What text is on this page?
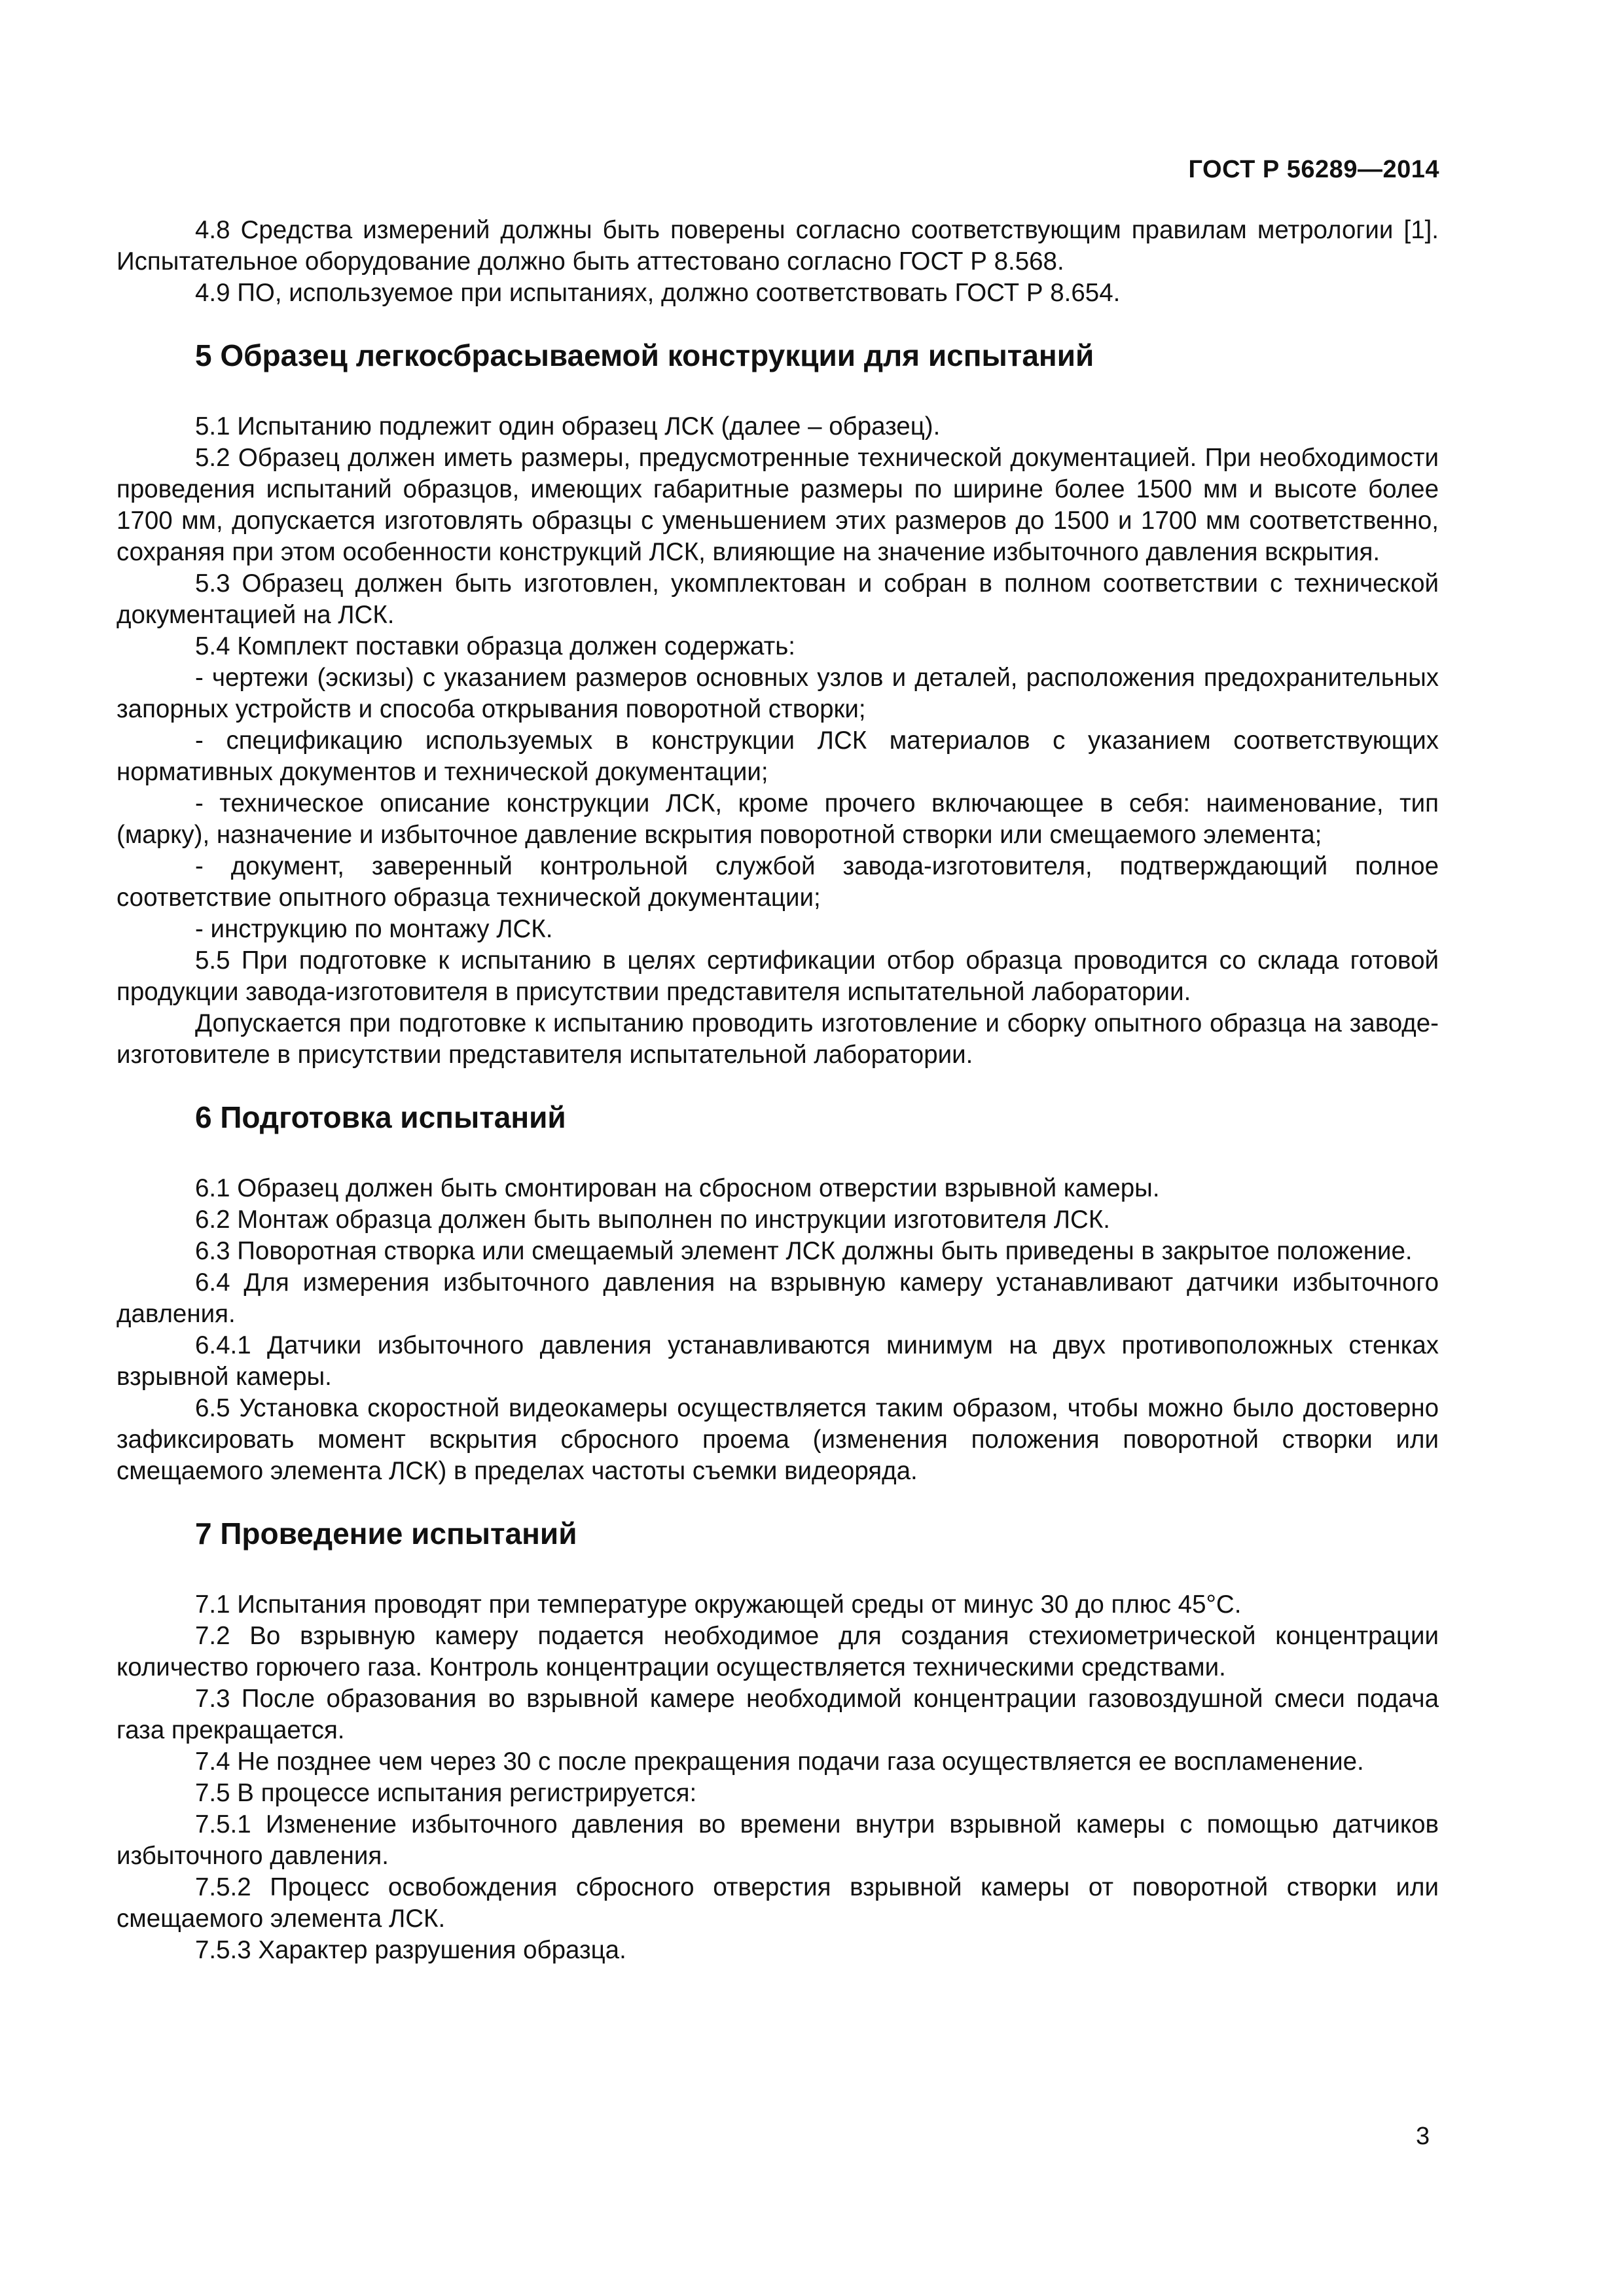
ГОСТ Р 56289—2014

4.8 Средства измерений должны быть поверены согласно соответствующим правилам метрологии [1]. Испытательное оборудование должно быть аттестовано согласно ГОСТ Р 8.568.

4.9 ПО, используемое при испытаниях, должно соответствовать ГОСТ Р 8.654.

5 Образец легкосбрасываемой конструкции для испытаний

5.1 Испытанию подлежит один образец ЛСК (далее – образец).

5.2 Образец должен иметь размеры, предусмотренные технической документацией. При необходимости проведения испытаний образцов, имеющих габаритные размеры по ширине более 1500 мм и высоте более 1700 мм, допускается изготовлять образцы с уменьшением этих размеров до 1500 и 1700 мм соответственно, сохраняя при этом особенности конструкций ЛСК, влияющие на значение избыточного давления вскрытия.

5.3 Образец должен быть изготовлен, укомплектован и собран в полном соответствии с технической документацией на ЛСК.

5.4 Комплект поставки образца должен содержать:

- чертежи (эскизы) с указанием размеров основных узлов и деталей, расположения предохранительных запорных устройств и способа открывания поворотной створки;

- спецификацию используемых в конструкции ЛСК материалов с указанием соответствующих нормативных документов и технической документации;

- техническое описание конструкции ЛСК, кроме прочего включающее в себя: наименование, тип (марку), назначение и избыточное давление вскрытия поворотной створки или смещаемого элемента;

- документ, заверенный контрольной службой завода-изготовителя, подтверждающий полное соответствие опытного образца технической документации;

- инструкцию по монтажу ЛСК.

5.5 При подготовке к испытанию в целях сертификации отбор образца проводится со склада готовой продукции завода-изготовителя в присутствии представителя испытательной лаборатории.

Допускается при подготовке к испытанию проводить изготовление и сборку опытного образца на заводе-изготовителе в присутствии представителя испытательной лаборатории.

6 Подготовка испытаний

6.1 Образец должен быть смонтирован на сбросном отверстии взрывной камеры.

6.2 Монтаж образца должен быть выполнен по инструкции изготовителя ЛСК.

6.3 Поворотная створка или смещаемый элемент ЛСК должны быть приведены в закрытое положение.

6.4 Для измерения избыточного давления на взрывную камеру устанавливают датчики избыточного давления.

6.4.1 Датчики избыточного давления устанавливаются минимум на двух противоположных стенках взрывной камеры.

6.5 Установка скоростной видеокамеры осуществляется таким образом, чтобы можно было достоверно зафиксировать момент вскрытия сбросного проема (изменения положения поворотной створки или смещаемого элемента ЛСК) в пределах частоты съемки видеоряда.

7 Проведение испытаний

7.1 Испытания проводят при температуре окружающей среды от минус 30 до плюс 45°С.

7.2 Во взрывную камеру подается необходимое для создания стехиометрической концентрации количество горючего газа. Контроль концентрации осуществляется техническими средствами.

7.3 После образования во взрывной камере необходимой концентрации газовоздушной смеси подача газа прекращается.

7.4 Не позднее чем через 30 с после прекращения подачи газа осуществляется ее воспламенение.

7.5 В процессе испытания регистрируется:

7.5.1 Изменение избыточного давления во времени внутри взрывной камеры с помощью датчиков избыточного давления.

7.5.2 Процесс освобождения сбросного отверстия взрывной камеры от поворотной створки или смещаемого элемента ЛСК.

7.5.3 Характер разрушения образца.

3
